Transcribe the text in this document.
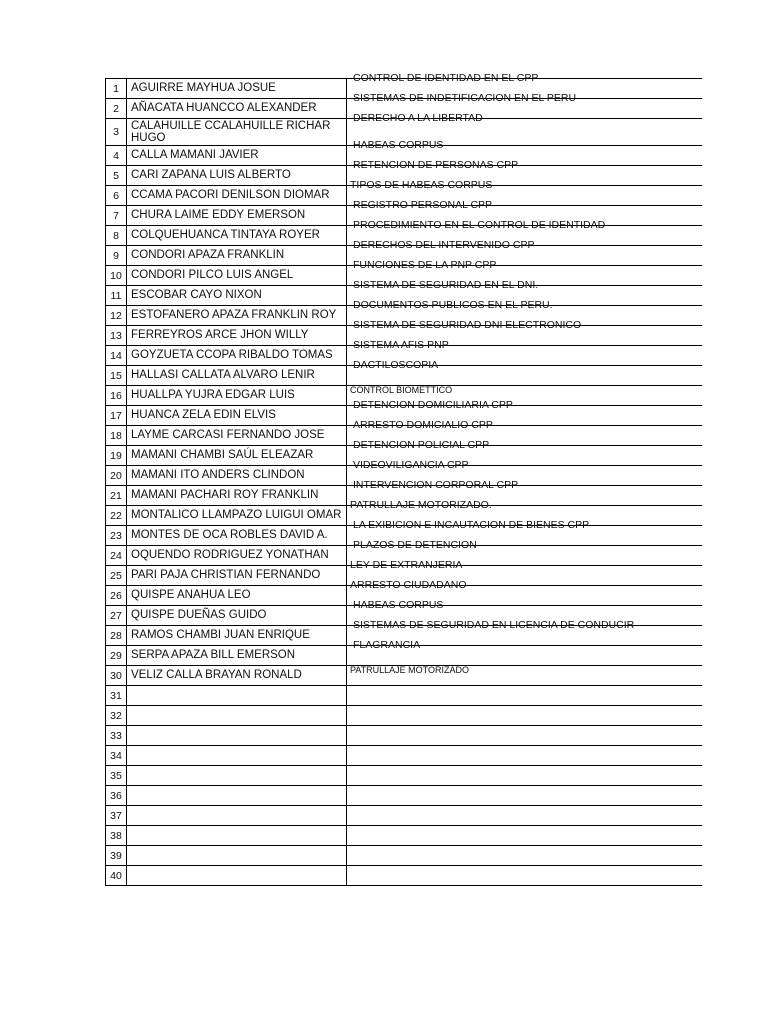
1	AGUIRRE MAYHUA JOSUE	CONTROL DE IDENTIDAD EN EL CPP

2	AÑACATA HUANCCO ALEXANDER	SISTEMAS DE INDETIFICACION EN EL PERU

3	CALAHUILLE CCALAHUILLE RICHAR HUGO	DERECHO A LA LIBERTAD

4	CALLA MAMANI JAVIER	HABEAS CORPUS

5	CARI ZAPANA LUIS ALBERTO	RETENCION DE PERSONAS CPP

6	CCAMA PACORI DENILSON DIOMAR	TIPOS DE HABEAS CORPUS

7	CHURA LAIME EDDY EMERSON	REGISTRO PERSONAL CPP

8	COLQUEHUANCA TINTAYA ROYER	PROCEDIMIENTO EN EL CONTROL DE IDENTIDAD

9	CONDORI APAZA FRANKLIN	DERECHOS DEL INTERVENIDO CPP

10	CONDORI PILCO LUIS ANGEL	FUNCIONES DE LA PNP CPP

11	ESCOBAR CAYO NIXON	SISTEMA DE SEGURIDAD EN EL DNI.

12	ESTOFANERO APAZA FRANKLIN ROY	DOCUMENTOS PUBLICOS EN EL PERU.

13	FERREYROS ARCE JHON WILLY	SISTEMA DE SEGURIDAD DNI ELECTRONICO

14	GOYZUETA CCOPA RIBALDO TOMAS	SISTEMA AFIS PNP

15	HALLASI CALLATA ALVARO LENIR	DACTILOSCOPIA

16	HUALLPA YUJRA EDGAR LUIS	CONTROL BIOMETTICO

17	HUANCA ZELA EDIN ELVIS	DETENCION DOMICILIARIA CPP

18	LAYME CARCASI FERNANDO JOSE	ARRESTO DOMICIALIO CPP

19	MAMANI CHAMBI SAÚL ELEAZAR	DETENCION POLICIAL CPP

20	MAMANI ITO ANDERS CLINDON	VIDEOVILIGANCIA CPP

21	MAMANI PACHARI ROY FRANKLIN	INTERVENCION CORPORAL CPP

22	MONTALICO LLAMPAZO LUIGUI OMAR	PATRULLAJE MOTORIZADO.

23	MONTES DE OCA ROBLES DAVID A.	LA EXIBICION E INCAUTACION DE BIENES CPP

24	OQUENDO RODRIGUEZ YONATHAN	PLAZOS DE DETENCION

25	PARI PAJA CHRISTIAN FERNANDO	LEY DE EXTRANJERIA

26	QUISPE ANAHUA LEO	ARRESTO CIUDADANO

27	QUISPE DUEÑAS GUIDO	HABEAS CORPUS

28	RAMOS CHAMBI JUAN ENRIQUE	SISTEMAS DE SEGURIDAD EN LICENCIA DE CONDUCIR

29	SERPA APAZA BILL EMERSON	FLAGRANCIA

30	VELIZ CALLA BRAYAN RONALD	PATRULLAJE MOTORIZADO

31	

32	

33	

34	

35	

36	

37	

38	

39	

40	
